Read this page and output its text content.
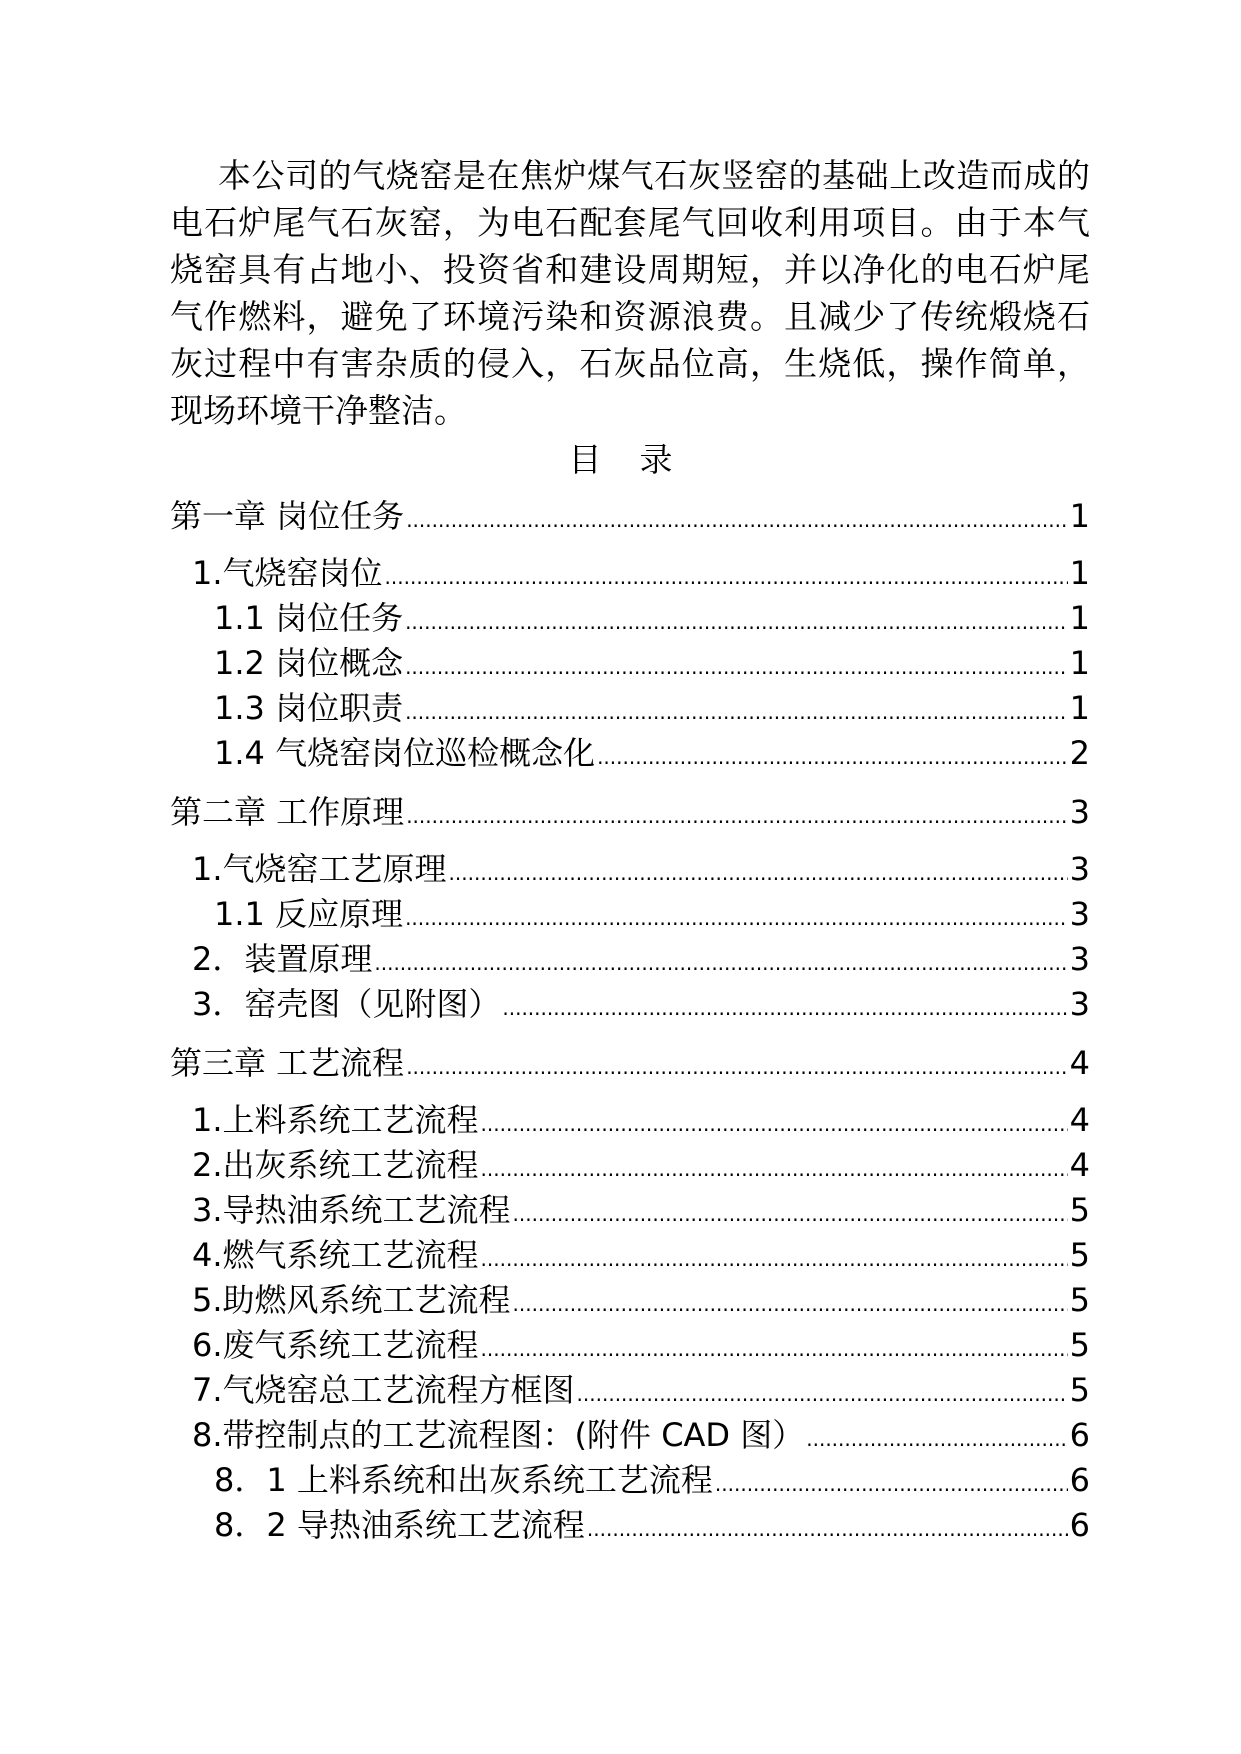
本公司的气烧窑是在焦炉煤气石灰竖窑的基础上改造而成的电石炉尾气石灰窑，为电石配套尾气回收利用项目。由于本气烧窑具有占地小、投资省和建设周期短，并以净化的电石炉尾气作燃料，避免了环境污染和资源浪费。且减少了传统煅烧石灰过程中有害杂质的侵入，石灰品位高，生烧低，操作简单，现场环境干净整洁。

目录
第一章 岗位任务 .....	1
1.气烧窑岗位 .....	1
1.1 岗位任务 .....	1
1.2 岗位概念 .....	1
1.3 岗位职责 .....	1
1.4 气烧窑岗位巡检概念化 .....	2
第二章 工作原理 .....	3
1.气烧窑工艺原理 .....	3
1.1 反应原理 .....	3
2．装置原理 .....	3
3．窑壳图（见附图） .....	3
第三章 工艺流程 .....	4
1.上料系统工艺流程 .....	4
2.出灰系统工艺流程 .....	4
3.导热油系统工艺流程 .....	5
4.燃气系统工艺流程 .....	5
5.助燃风系统工艺流程 .....	5
6.废气系统工艺流程 .....	5
7.气烧窑总工艺流程方框图 .....	5
8.带控制点的工艺流程图：(附件 CAD 图） .....	6
8．1 上料系统和出灰系统工艺流程 .....	6
8．2 导热油系统工艺流程 .....	6
